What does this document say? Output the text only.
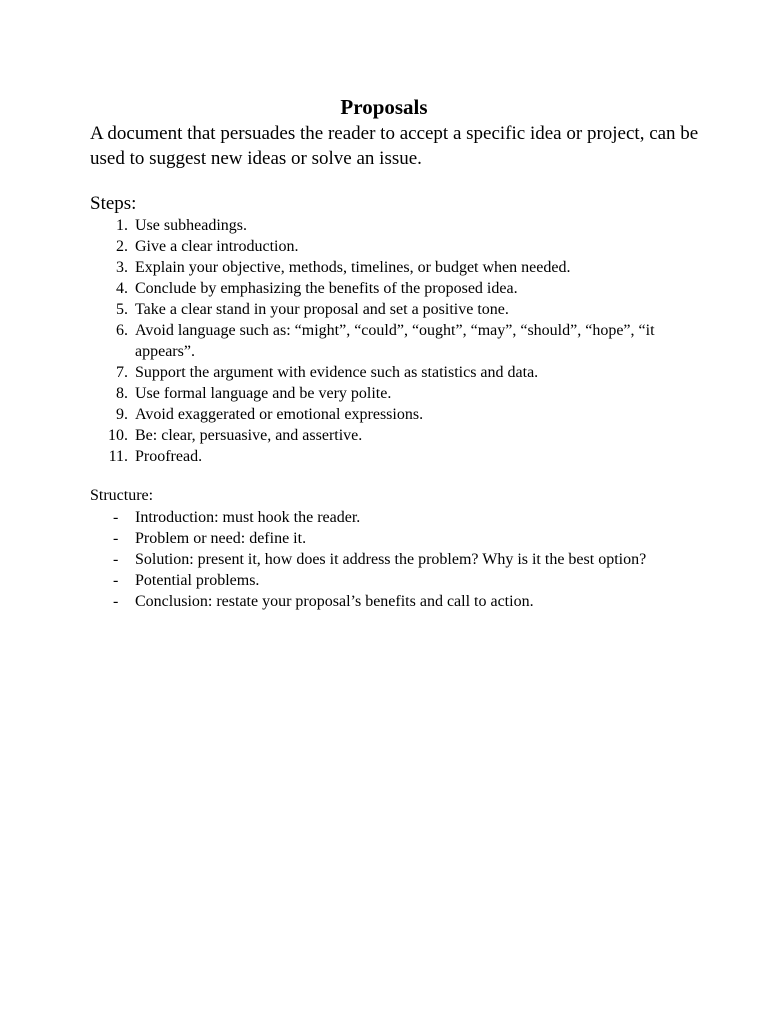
Proposals
A document that persuades the reader to accept a specific idea or project, can be used to suggest new ideas or solve an issue.
Steps:
1. Use subheadings.
2. Give a clear introduction.
3. Explain your objective, methods, timelines, or budget when needed.
4. Conclude by emphasizing the benefits of the proposed idea.
5. Take a clear stand in your proposal and set a positive tone.
6. Avoid language such as: “might”, “could”, “ought”, “may”, “should”, “hope”, “it appears”.
7. Support the argument with evidence such as statistics and data.
8. Use formal language and be very polite.
9. Avoid exaggerated or emotional expressions.
10. Be: clear, persuasive, and assertive.
11. Proofread.
Structure:
- Introduction: must hook the reader.
- Problem or need: define it.
- Solution: present it, how does it address the problem? Why is it the best option?
- Potential problems.
- Conclusion: restate your proposal’s benefits and call to action.
